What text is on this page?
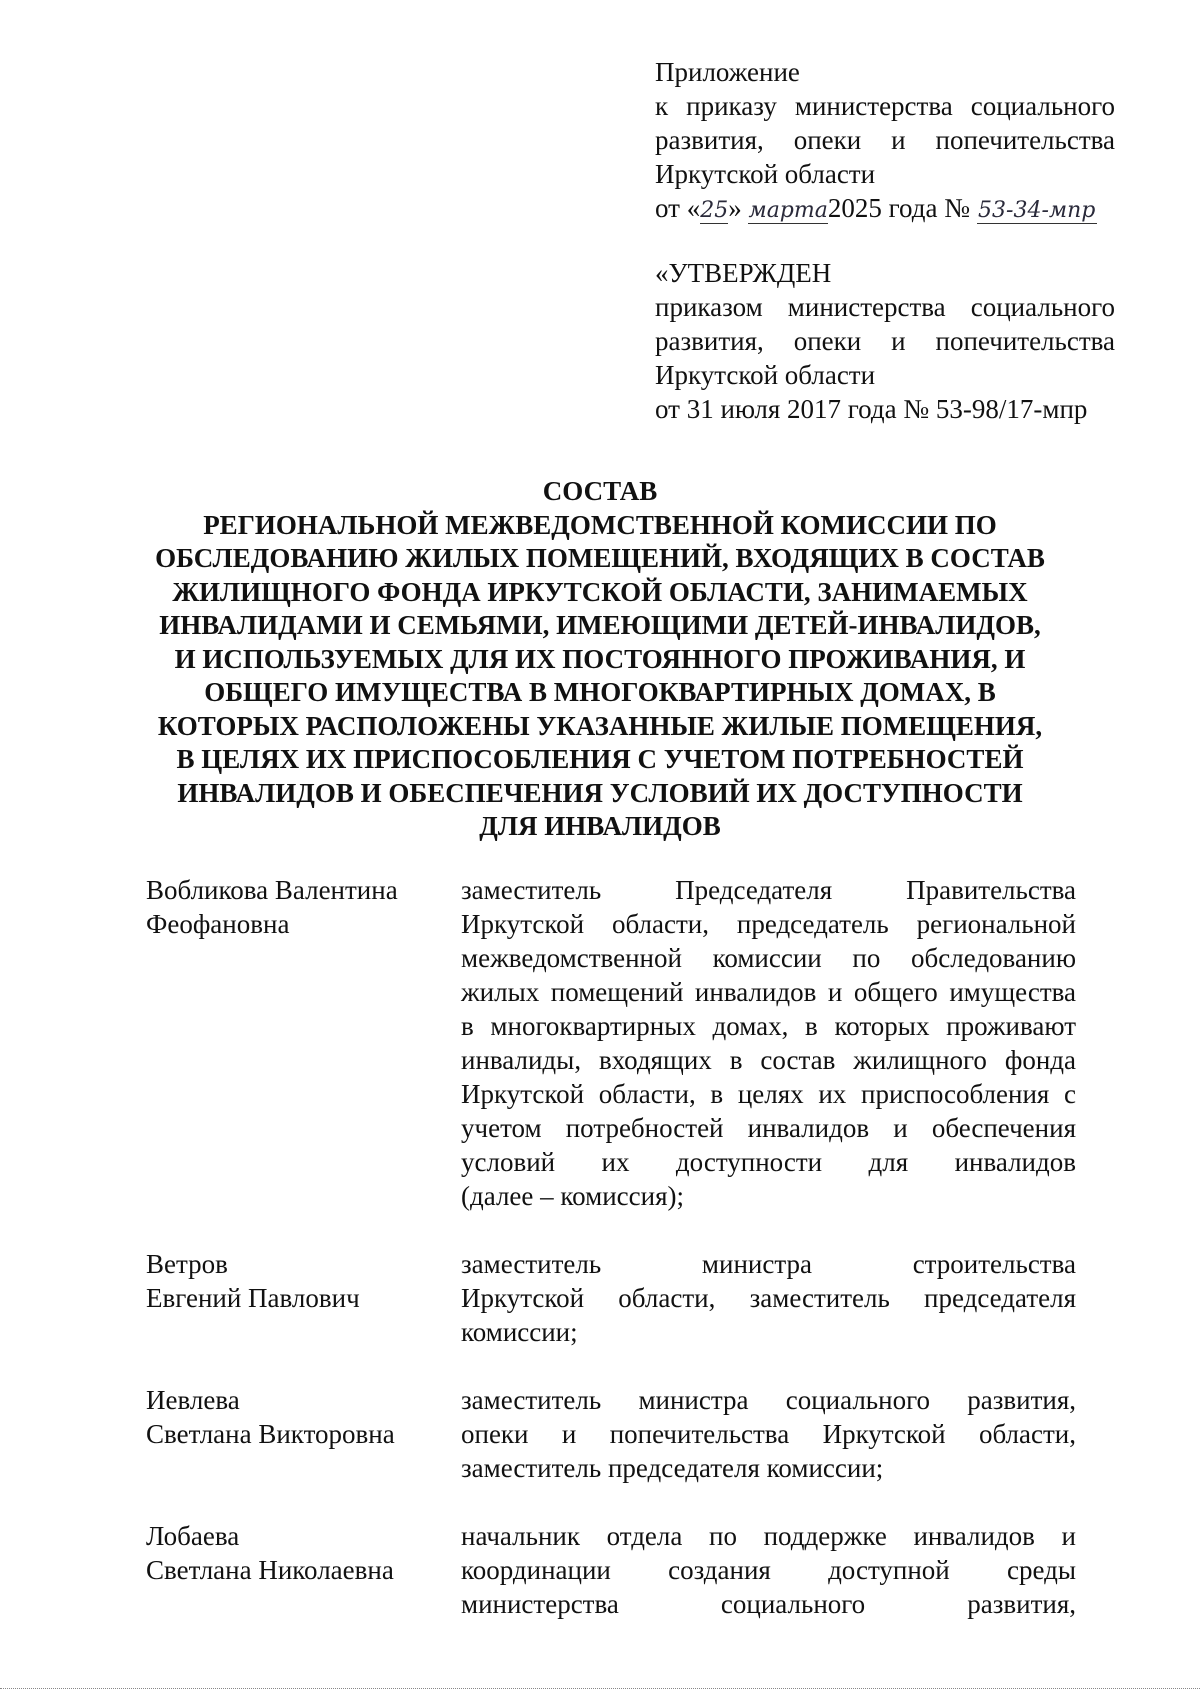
Приложение
к приказу министерства социального
развития, опеки и попечительства
Иркутской области
от «25» марта2025 года № 53-34-мпр
«УТВЕРЖДЕН
приказом министерства социального
развития, опеки и попечительства
Иркутской области
от 31 июля 2017 года № 53-98/17-мпр
СОСТАВ
РЕГИОНАЛЬНОЙ МЕЖВЕДОМСТВЕННОЙ КОМИССИИ ПО
ОБСЛЕДОВАНИЮ ЖИЛЫХ ПОМЕЩЕНИЙ, ВХОДЯЩИХ В СОСТАВ
ЖИЛИЩНОГО ФОНДА ИРКУТСКОЙ ОБЛАСТИ, ЗАНИМАЕМЫХ
ИНВАЛИДАМИ И СЕМЬЯМИ, ИМЕЮЩИМИ ДЕТЕЙ-ИНВАЛИДОВ,
И ИСПОЛЬЗУЕМЫХ ДЛЯ ИХ ПОСТОЯННОГО ПРОЖИВАНИЯ, И
ОБЩЕГО ИМУЩЕСТВА В МНОГОКВАРТИРНЫХ ДОМАХ, В
КОТОРЫХ РАСПОЛОЖЕНЫ УКАЗАННЫЕ ЖИЛЫЕ ПОМЕЩЕНИЯ,
В ЦЕЛЯХ ИХ ПРИСПОСОБЛЕНИЯ С УЧЕТОМ ПОТРЕБНОСТЕЙ
ИНВАЛИДОВ И ОБЕСПЕЧЕНИЯ УСЛОВИЙ ИХ ДОСТУПНОСТИ
ДЛЯ ИНВАЛИДОВ
Вобликова Валентина
Феофановна
заместитель Председателя Правительства
Иркутской области, председатель региональной
межведомственной комиссии по обследованию
жилых помещений инвалидов и общего имущества
в многоквартирных домах, в которых проживают
инвалиды, входящих в состав жилищного фонда
Иркутской области, в целях их приспособления с
учетом потребностей инвалидов и обеспечения
условий их доступности для инвалидов
(далее – комиссия);
Ветров
Евгений Павлович
заместитель министра строительства
Иркутской области, заместитель председателя
комиссии;
Иевлева
Светлана Викторовна
заместитель министра социального развития,
опеки и попечительства Иркутской области,
заместитель председателя комиссии;
Лобаева
Светлана Николаевна
начальник отдела по поддержке инвалидов и
координации создания доступной среды
министерства социального развития,
